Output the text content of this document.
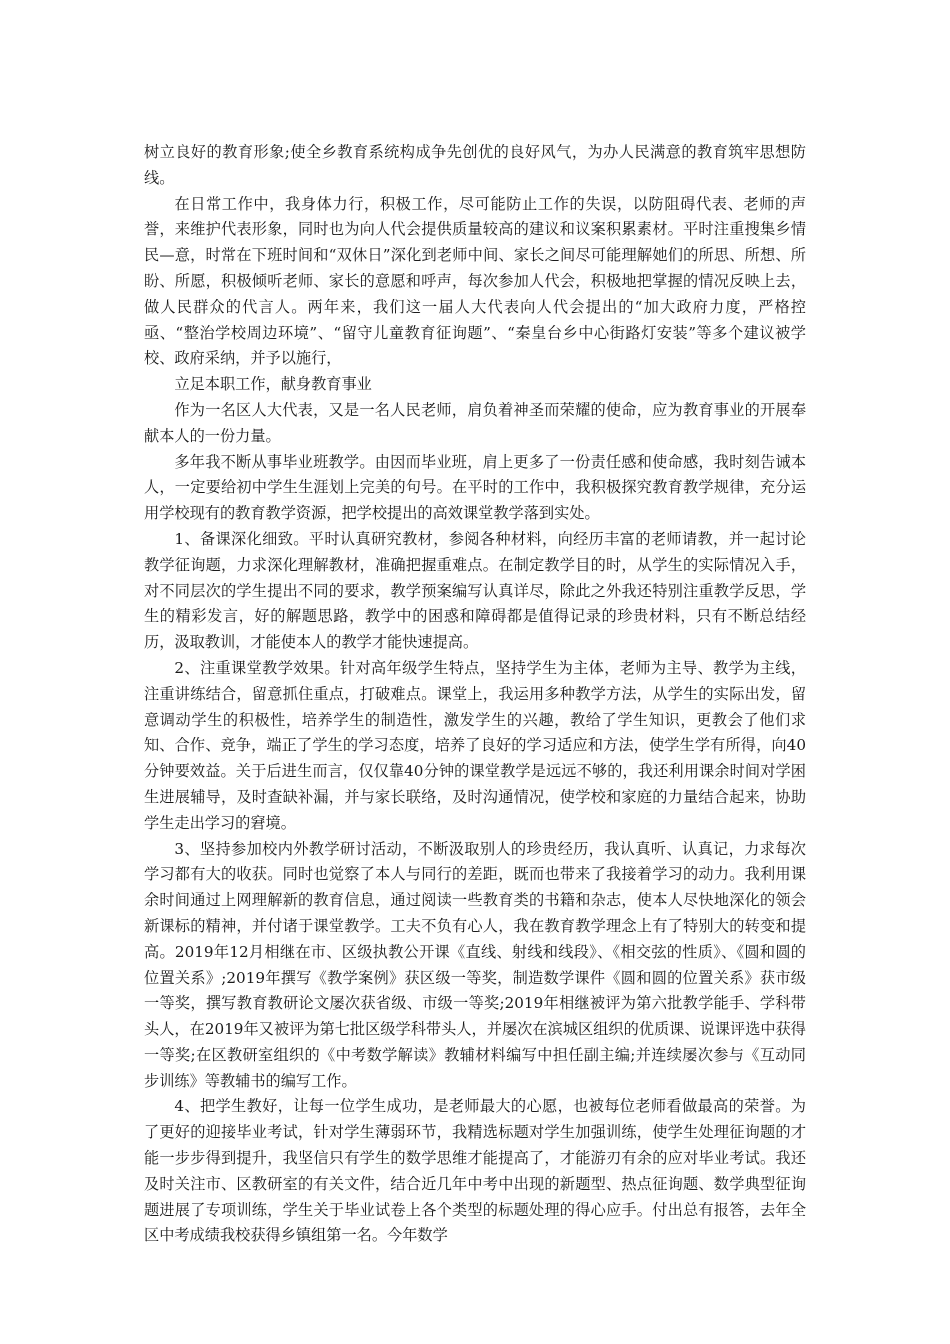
树立良好的教育形象;使全乡教育系统构成争先创优的良好风气，为办人民满意的教育筑牢思想防线。

在日常工作中，我身体力行，积极工作，尽可能防止工作的失误，以防阻碍代表、老师的声誉，来维护代表形象，同时也为向人代会提供质量较高的建议和议案积累素材。平时注重搜集乡情民—意，时常在下班时间和“双休日”深化到老师中间、家长之间尽可能理解她们的所思、所想、所盼、所愿，积极倾听老师、家长的意愿和呼声，每次参加人代会，积极地把掌握的情况反映上去，做人民群众的代言人。两年来，我们这一届人大代表向人代会提出的“加大政府力度，严格控亟、“整治学校周边环境”、“留守儿童教育征询题”、“秦皇台乡中心街路灯安装”等多个建议被学校、政府采纳，并予以施行，

立足本职工作，献身教育事业

作为一名区人大代表，又是一名人民老师，肩负着神圣而荣耀的使命，应为教育事业的开展奉献本人的一份力量。

多年我不断从事毕业班教学。由因而毕业班，肩上更多了一份责任感和使命感，我时刻告诫本人，一定要给初中学生生涯划上完美的句号。在平时的工作中，我积极探究教育教学规律，充分运用学校现有的教育教学资源，把学校提出的高效课堂教学落到实处。

1、备课深化细致。平时认真研究教材，参阅各种材料，向经历丰富的老师请教，并一起讨论教学征询题，力求深化理解教材，准确把握重难点。在制定教学目的时，从学生的实际情况入手，对不同层次的学生提出不同的要求，教学预案编写认真详尽，除此之外我还特别注重教学反思，学生的精彩发言，好的解题思路，教学中的困惑和障碍都是值得记录的珍贵材料，只有不断总结经历，汲取教训，才能使本人的教学才能快速提高。

2、注重课堂教学效果。针对高年级学生特点，坚持学生为主体，老师为主导、教学为主线，注重讲练结合，留意抓住重点，打破难点。课堂上，我运用多种教学方法，从学生的实际出发，留意调动学生的积极性，培养学生的制造性，激发学生的兴趣，教给了学生知识，更教会了他们求知、合作、竞争，端正了学生的学习态度，培养了良好的学习适应和方法，使学生学有所得，向40分钟要效益。关于后进生而言，仅仅靠40分钟的课堂教学是远远不够的，我还利用课余时间对学困生进展辅导，及时查缺补漏，并与家长联络，及时沟通情况，使学校和家庭的力量结合起来，协助学生走出学习的窘境。

3、坚持参加校内外教学研讨活动，不断汲取别人的珍贵经历，我认真听、认真记，力求每次学习都有大的收获。同时也觉察了本人与同行的差距，既而也带来了我接着学习的动力。我利用课余时间通过上网理解新的教育信息，通过阅读一些教育类的书籍和杂志，使本人尽快地深化的领会新课标的精神，并付诸于课堂教学。工夫不负有心人，我在教育教学理念上有了特别大的转变和提高。2019年12月相继在市、区级执教公开课《直线、射线和线段》、《相交弦的性质》、《圆和圆的位置关系》;2019年撰写《教学案例》获区级一等奖，制造数学课件《圆和圆的位置关系》获市级一等奖，撰写教育教研论文屡次获省级、市级一等奖;2019年相继被评为第六批教学能手、学科带头人，在2019年又被评为第七批区级学科带头人，并屡次在滨城区组织的优质课、说课评选中获得一等奖;在区教研室组织的《中考数学解读》教辅材料编写中担任副主编;并连续屡次参与《互动同步训练》等教辅书的编写工作。

4、把学生教好，让每一位学生成功，是老师最大的心愿，也被每位老师看做最高的荣誉。为了更好的迎接毕业考试，针对学生薄弱环节，我精选标题对学生加强训练，使学生处理征询题的才能一步步得到提升，我坚信只有学生的数学思维才能提高了，才能游刃有余的应对毕业考试。我还及时关注市、区教研室的有关文件，结合近几年中考中出现的新题型、热点征询题、数学典型征询题进展了专项训练，学生关于毕业试卷上各个类型的标题处理的得心应手。付出总有报答，去年全区中考成绩我校获得乡镇组第一名。今年数学
